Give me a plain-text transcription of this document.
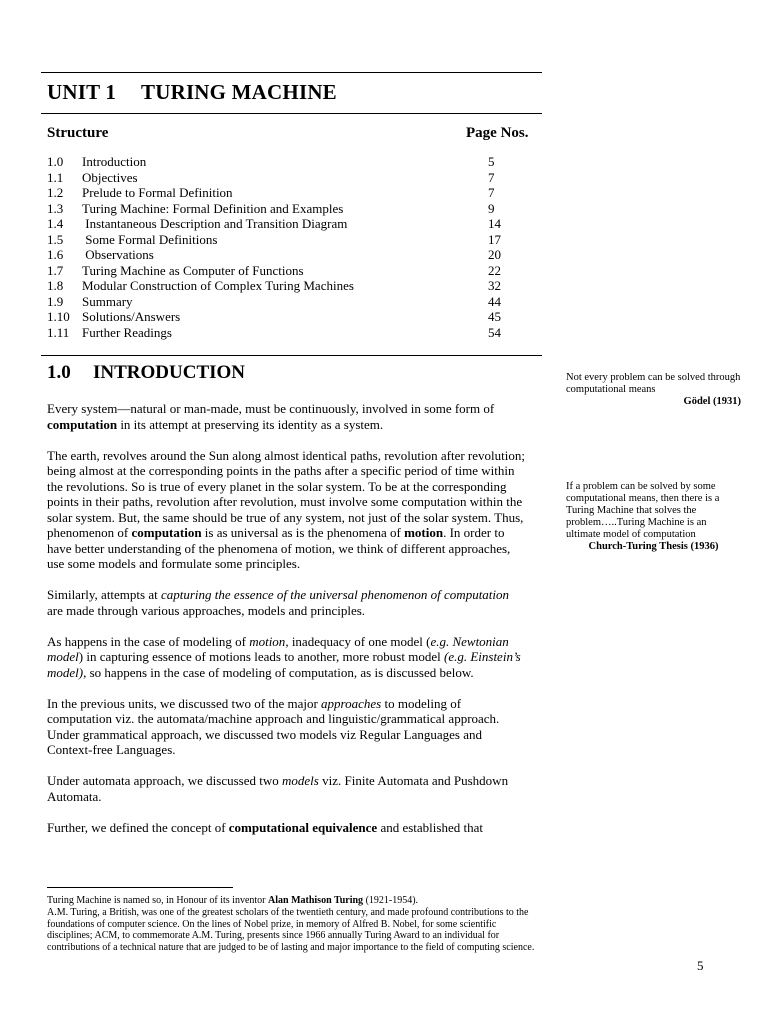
UNIT 1 TURING MACHINE
Structure	Page Nos.
1.0 Introduction	5
1.1 Objectives	7
1.2 Prelude to Formal Definition	7
1.3 Turing Machine: Formal Definition and Examples	9
1.4 Instantaneous Description and Transition Diagram	14
1.5 Some Formal Definitions	17
1.6 Observations	20
1.7 Turing Machine as Computer of Functions	22
1.8 Modular Construction of Complex Turing Machines	32
1.9 Summary	44
1.10 Solutions/Answers	45
1.11 Further Readings	54
1.0 INTRODUCTION

Every system—natural or man-made, must be continuously, involved in some form of computation in its attempt at preserving its identity as a system.

The earth, revolves around the Sun along almost identical paths, revolution after revolution; being almost at the corresponding points in the paths after a specific period of time within the revolutions. So is true of every planet in the solar system. To be at the corresponding points in their paths, revolution after revolution, must involve some computation within the solar system. But, the same should be true of any system, not just of the solar system. Thus, phenomenon of computation is as universal as is the phenomena of motion. In order to have better understanding of the phenomena of motion, we think of different approaches, use some models and formulate some principles.

Similarly, attempts at capturing the essence of the universal phenomenon of computation are made through various approaches, models and principles.

As happens in the case of modeling of motion, inadequacy of one model (e.g. Newtonian model) in capturing essence of motions leads to another, more robust model (e.g. Einstein’s model), so happens in the case of modeling of computation, as is discussed below.

In the previous units, we discussed two of the major approaches to modeling of computation viz. the automata/machine approach and linguistic/grammatical approach. Under grammatical approach, we discussed two models viz Regular Languages and Context-free Languages.

Under automata approach, we discussed two models viz. Finite Automata and Pushdown Automata.

Further, we defined the concept of computational equivalence and established that

Not every problem can be solved through computational means
Gödel (1931)
If a problem can be solved by some computational means, then there is a Turing Machine that solves the problem…..Turing Machine is an ultimate model of computation
Church-Turing Thesis (1936)

Turing Machine is named so, in Honour of its inventor Alan Mathison Turing (1921-1954).

A.M. Turing, a British, was one of the greatest scholars of the twentieth century, and made profound contributions to the foundations of computer science. On the lines of Nobel prize, in memory of Alfred B. Nobel, for some scientific disciplines; ACM, to commemorate A.M. Turing, presents since 1966 annually Turing Award to an individual for contributions of a technical nature that are judged to be of lasting and major importance to the field of computing science.

5
